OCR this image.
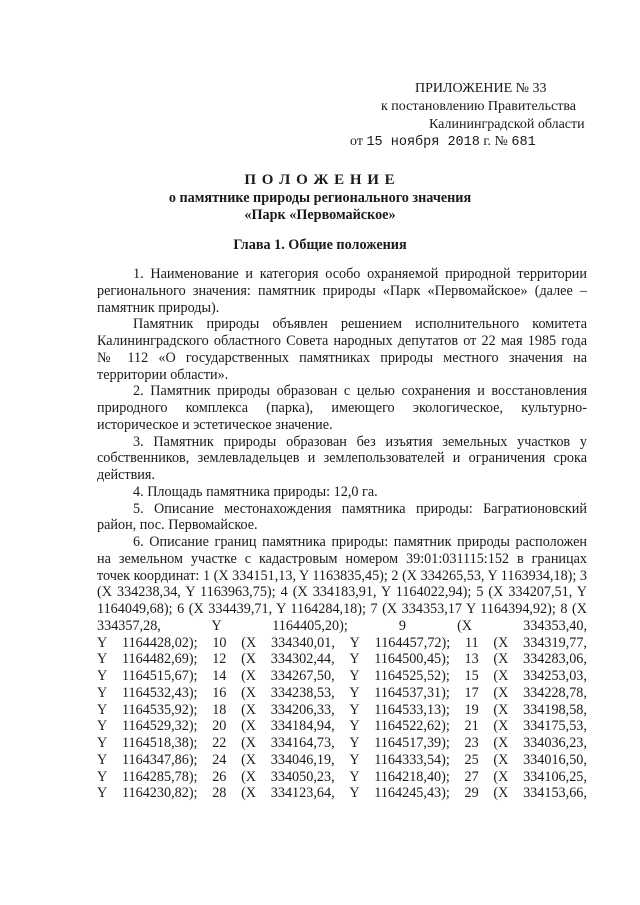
ПРИЛОЖЕНИЕ № 33
к постановлению Правительства
Калининградской области
от 15 ноября 2018 г. № 681
П О Л О Ж Е Н И Е
о памятнике природы регионального значения
«Парк «Первомайское»
Глава 1. Общие положения

1. Наименование и категория особо охраняемой природной территории регионального значения: памятник природы «Парк «Первомайское» (далее – памятник природы).

Памятник природы объявлен решением исполнительного комитета Калининградского областного Совета народных депутатов от 22 мая 1985 года № 112 «О государственных памятниках природы местного значения на территории области».

2. Памятник природы образован с целью сохранения и восстановления природного комплекса (парка), имеющего экологическое, культурно-историческое и эстетическое значение.

3. Памятник природы образован без изъятия земельных участков у собственников, землевладельцев и землепользователей и ограничения срока действия.

4. Площадь памятника природы: 12,0 га.

5. Описание местонахождения памятника природы: Багратионовский район, пос. Первомайское.

6. Описание границ памятника природы: памятник природы расположен на земельном участке с кадастровым номером 39:01:031115:152 в границах точек координат: 1 (X 334151,13, Y 1163835,45); 2 (X 334265,53, Y 1163934,18); 3 (X 334238,34, Y 1163963,75); 4 (X 334183,91, Y 1164022,94); 5 (X 334207,51, Y 1164049,68); 6 (X 334439,71, Y 1164284,18); 7 (X 334353,17 Y 1164394,92); 8 (X 334357,28, Y 1164405,20); 9 (X 334353,40,

Y 1164428,02); 10 (X 334340,01, Y 1164457,72); 11 (X 334319,77,
Y 1164482,69); 12 (X 334302,44, Y 1164500,45); 13 (X 334283,06,
Y 1164515,67); 14 (X 334267,50, Y 1164525,52); 15 (X 334253,03,
Y 1164532,43); 16 (X 334238,53, Y 1164537,31); 17 (X 334228,78,
Y 1164535,92); 18 (X 334206,33, Y 1164533,13); 19 (X 334198,58,
Y 1164529,32); 20 (X 334184,94, Y 1164522,62); 21 (X 334175,53,
Y 1164518,38); 22 (X 334164,73, Y 1164517,39); 23 (X 334036,23,
Y 1164347,86); 24 (X 334046,19, Y 1164333,54); 25 (X 334016,50,
Y 1164285,78); 26 (X 334050,23, Y 1164218,40); 27 (X 334106,25,
Y 1164230,82); 28 (X 334123,64, Y 1164245,43); 29 (X 334153,66,
